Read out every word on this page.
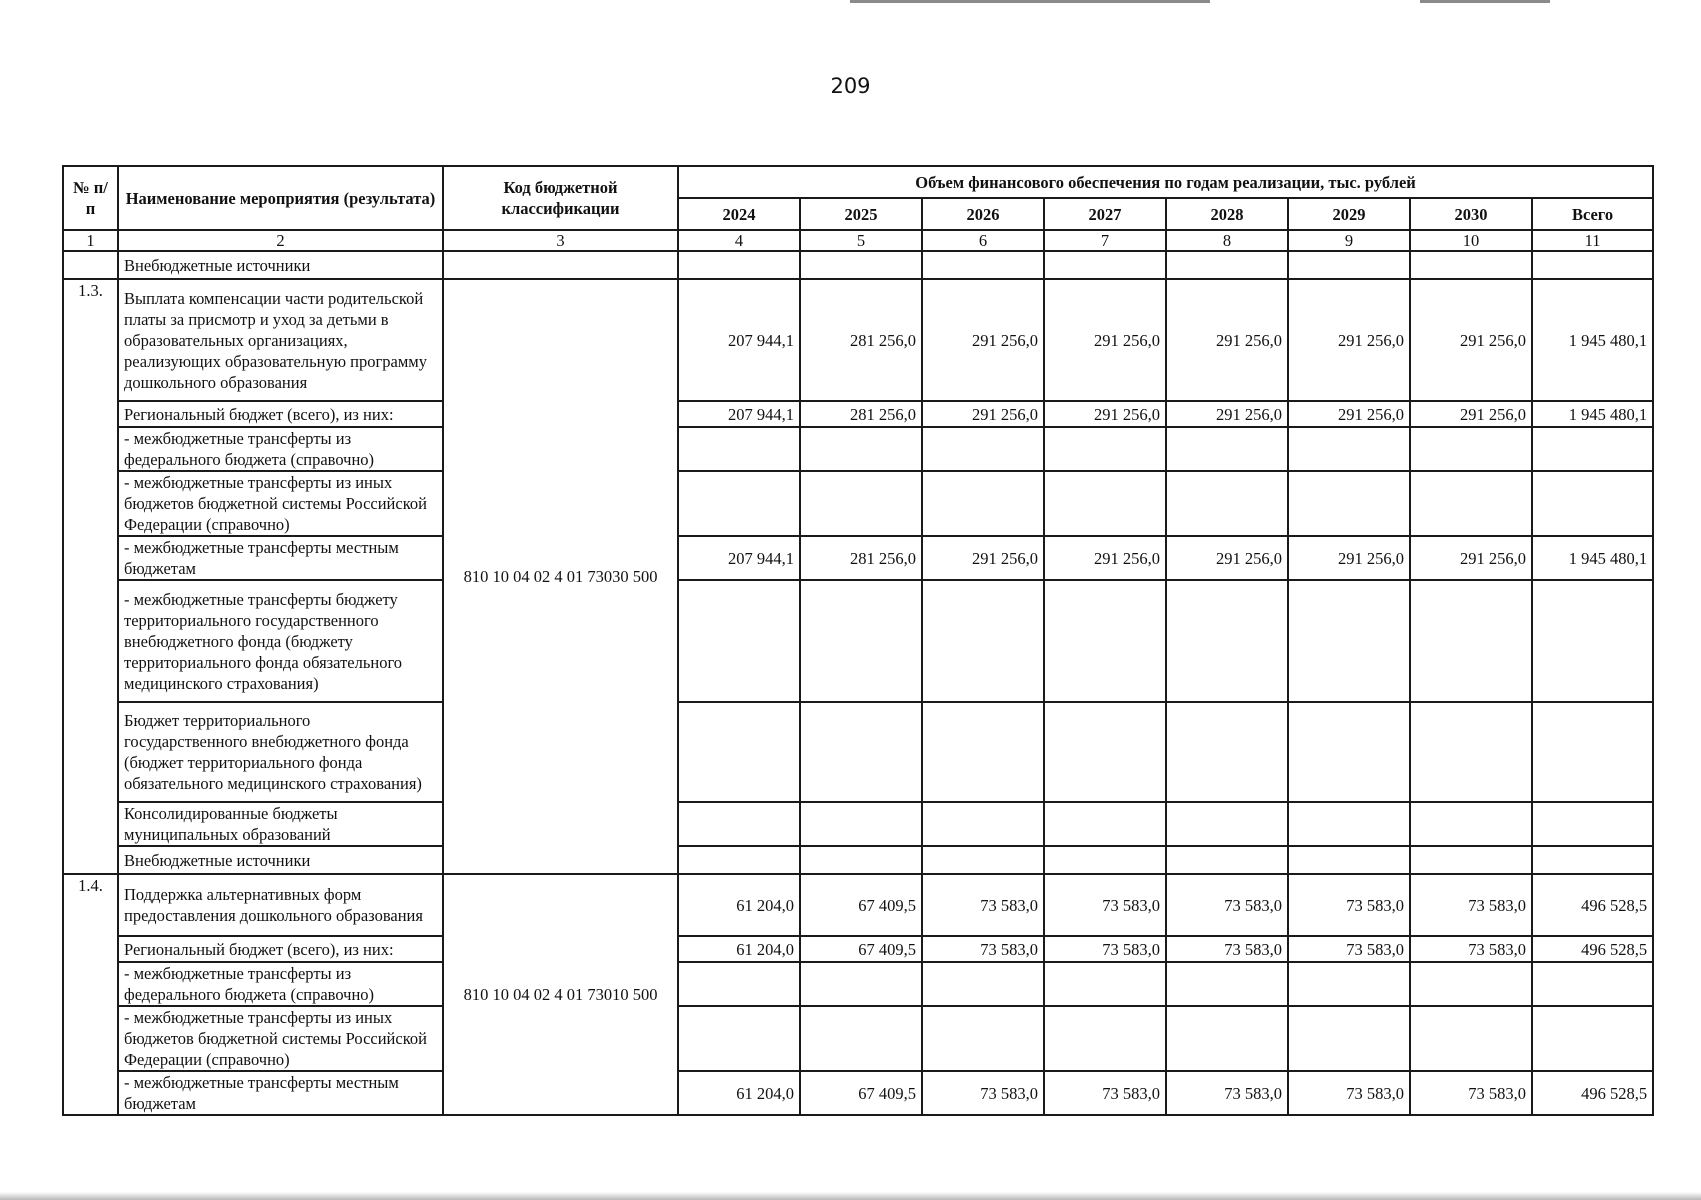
209
№ п/п	Наименование мероприятия (результата)	Код бюджетной классификации	Объем финансового обеспечения по годам реализации, тыс. рублей							
			2024	2025	2026	2027	2028	2029	2030	Всего
1	2	3	4	5	6	7	8	9	10	11
	Внебюджетные источники									
1.3.	Выплата компенсации части родительской платы за присмотр и уход за детьми в образовательных организациях, реализующих образовательную программу дошкольного образования	810 10 04 02 4 01 73030 500	207 944,1	281 256,0	291 256,0	291 256,0	291 256,0	291 256,0	291 256,0	1 945 480,1
	Региональный бюджет (всего), из них:		207 944,1	281 256,0	291 256,0	291 256,0	291 256,0	291 256,0	291 256,0	1 945 480,1
	- межбюджетные трансферты из федерального бюджета (справочно)									
	- межбюджетные трансферты из иных бюджетов бюджетной системы Российской Федерации (справочно)									
	- межбюджетные трансферты местным бюджетам		207 944,1	281 256,0	291 256,0	291 256,0	291 256,0	291 256,0	291 256,0	1 945 480,1
	- межбюджетные трансферты бюджету территориального государственного внебюджетного фонда (бюджету территориального фонда обязательного медицинского страхования)									
	Бюджет территориального государственного внебюджетного фонда (бюджет территориального фонда обязательного медицинского страхования)									
	Консолидированные бюджеты муниципальных образований									
	Внебюджетные источники									
1.4.	Поддержка альтернативных форм предоставления дошкольного образования	810 10 04 02 4 01 73010 500	61 204,0	67 409,5	73 583,0	73 583,0	73 583,0	73 583,0	73 583,0	496 528,5
	Региональный бюджет (всего), из них:		61 204,0	67 409,5	73 583,0	73 583,0	73 583,0	73 583,0	73 583,0	496 528,5
	- межбюджетные трансферты из федерального бюджета (справочно)									
	- межбюджетные трансферты из иных бюджетов бюджетной системы Российской Федерации (справочно)									
	- межбюджетные трансферты местным бюджетам		61 204,0	67 409,5	73 583,0	73 583,0	73 583,0	73 583,0	73 583,0	496 528,5
